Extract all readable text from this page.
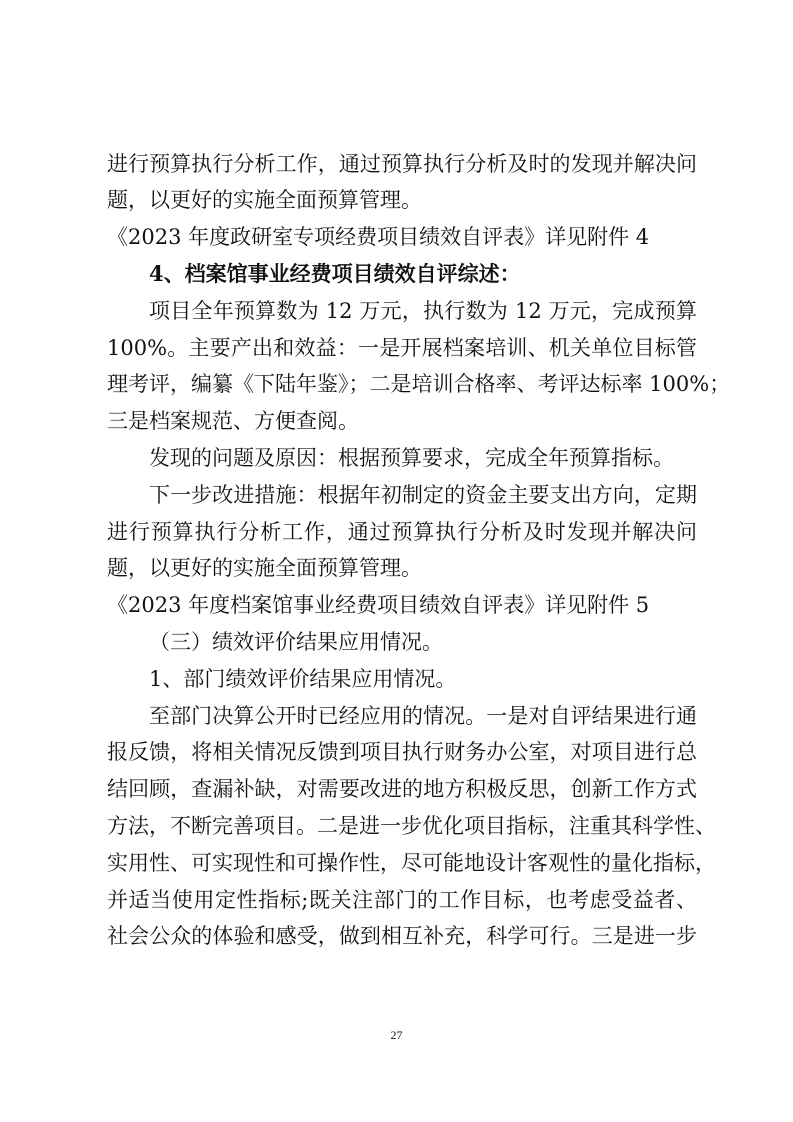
进行预算执行分析工作，通过预算执行分析及时的发现并解决问
题，以更好的实施全面预算管理。
《2023 年度政研室专项经费项目绩效自评表》详见附件 4
4、档案馆事业经费项目绩效自评综述：
项目全年预算数为 12 万元，执行数为 12 万元，完成预算
100%。主要产出和效益：一是开展档案培训、机关单位目标管
理考评，编纂《下陆年鉴》；二是培训合格率、考评达标率 100%；
三是档案规范、方便查阅。
发现的问题及原因：根据预算要求，完成全年预算指标。
下一步改进措施：根据年初制定的资金主要支出方向，定期
进行预算执行分析工作，通过预算执行分析及时发现并解决问
题，以更好的实施全面预算管理。
《2023 年度档案馆事业经费项目绩效自评表》详见附件 5
（三）绩效评价结果应用情况。
1、部门绩效评价结果应用情况。
至部门决算公开时已经应用的情况。一是对自评结果进行通
报反馈，将相关情况反馈到项目执行财务办公室，对项目进行总
结回顾，查漏补缺，对需要改进的地方积极反思，创新工作方式
方法，不断完善项目。二是进一步优化项目指标，注重其科学性、
实用性、可实现性和可操作性，尽可能地设计客观性的量化指标，
并适当使用定性指标;既关注部门的工作目标，也考虑受益者、
社会公众的体验和感受，做到相互补充，科学可行。三是进一步
27
